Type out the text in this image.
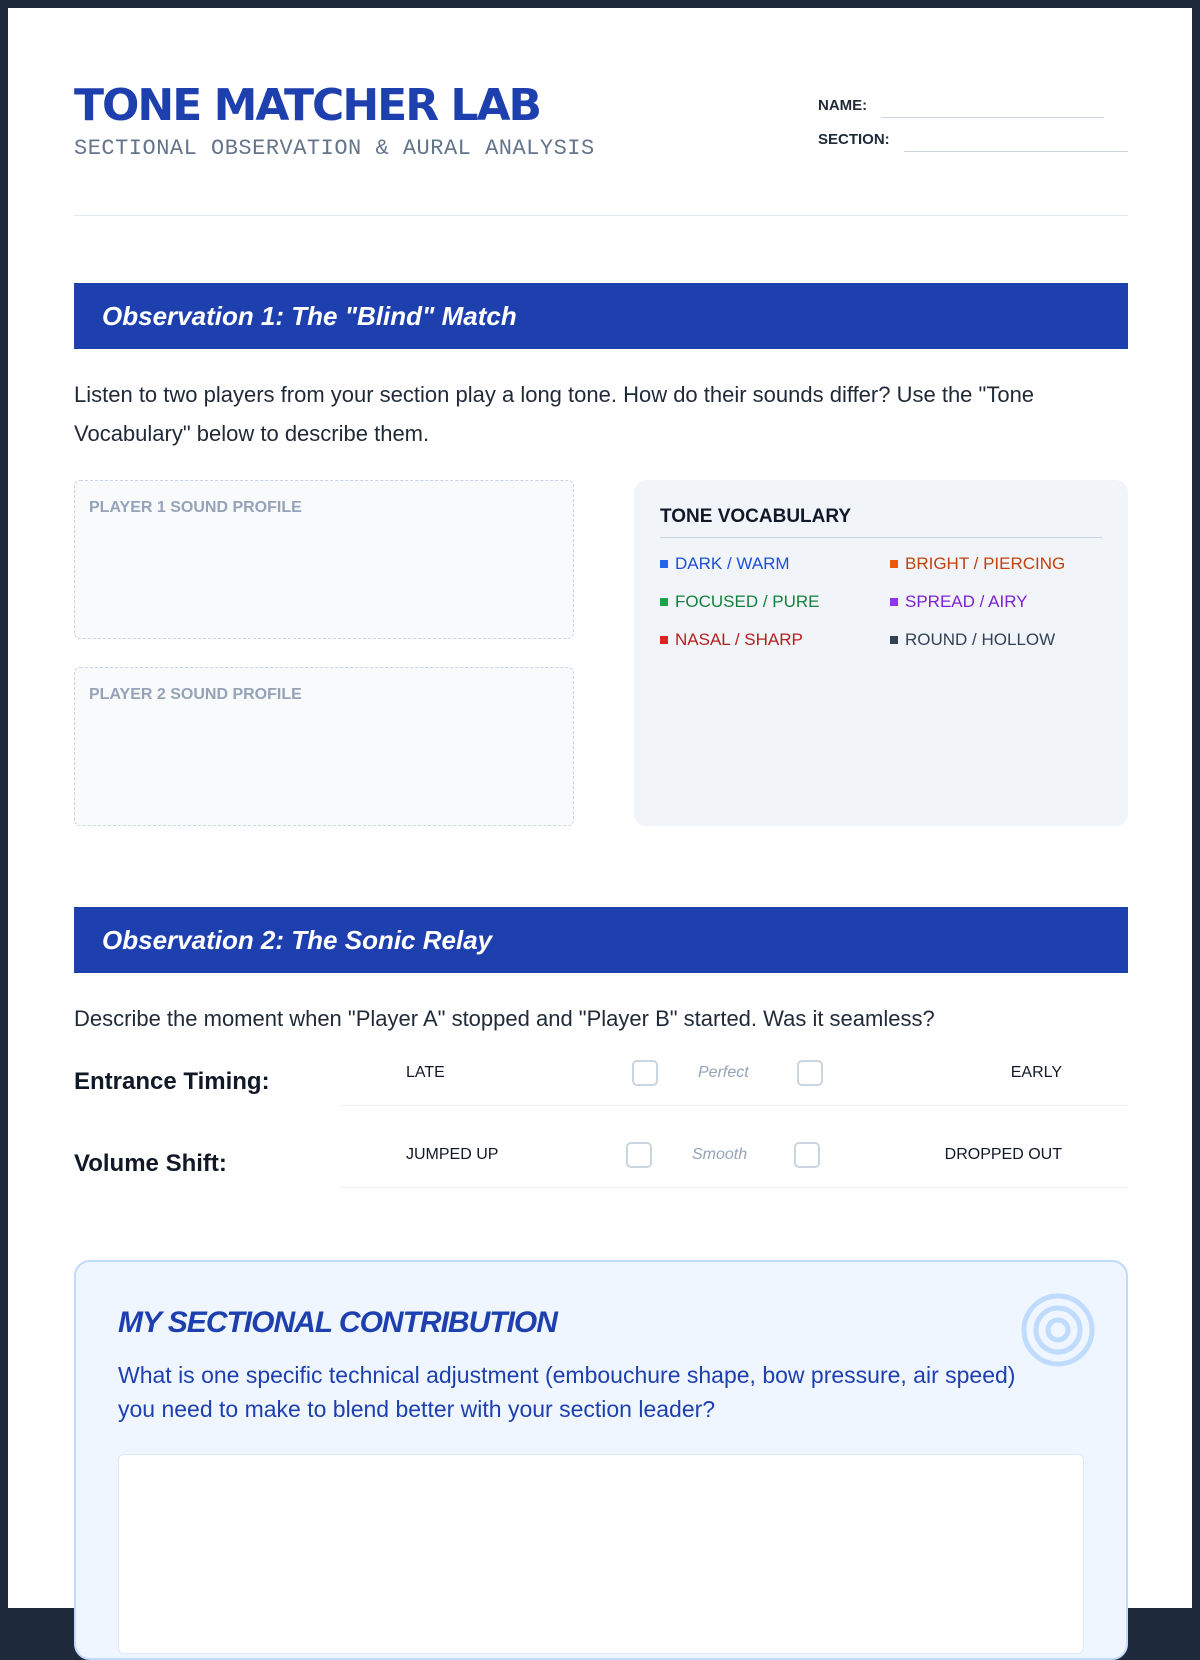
TONE MATCHER LAB
SECTIONAL OBSERVATION & AURAL ANALYSIS
NAME:
SECTION:
Observation 1: The "Blind" Match
Listen to two players from your section play a long tone. How do their sounds differ? Use the "Tone Vocabulary" below to describe them.
PLAYER 1 SOUND PROFILE
PLAYER 2 SOUND PROFILE
TONE VOCABULARY
DARK / WARM	BRIGHT / PIERCING
FOCUSED / PURE	SPREAD / AIRY
NASAL / SHARP	ROUND / HOLLOW
Observation 2: The Sonic Relay
Describe the moment when "Player A" stopped and "Player B" started. Was it seamless?
Entrance Timing:	LATE	Perfect	EARLY
Volume Shift:	JUMPED UP	Smooth	DROPPED OUT
MY SECTIONAL CONTRIBUTION
What is one specific technical adjustment (embouchure shape, bow pressure, air speed) you need to make to blend better with your section leader?
